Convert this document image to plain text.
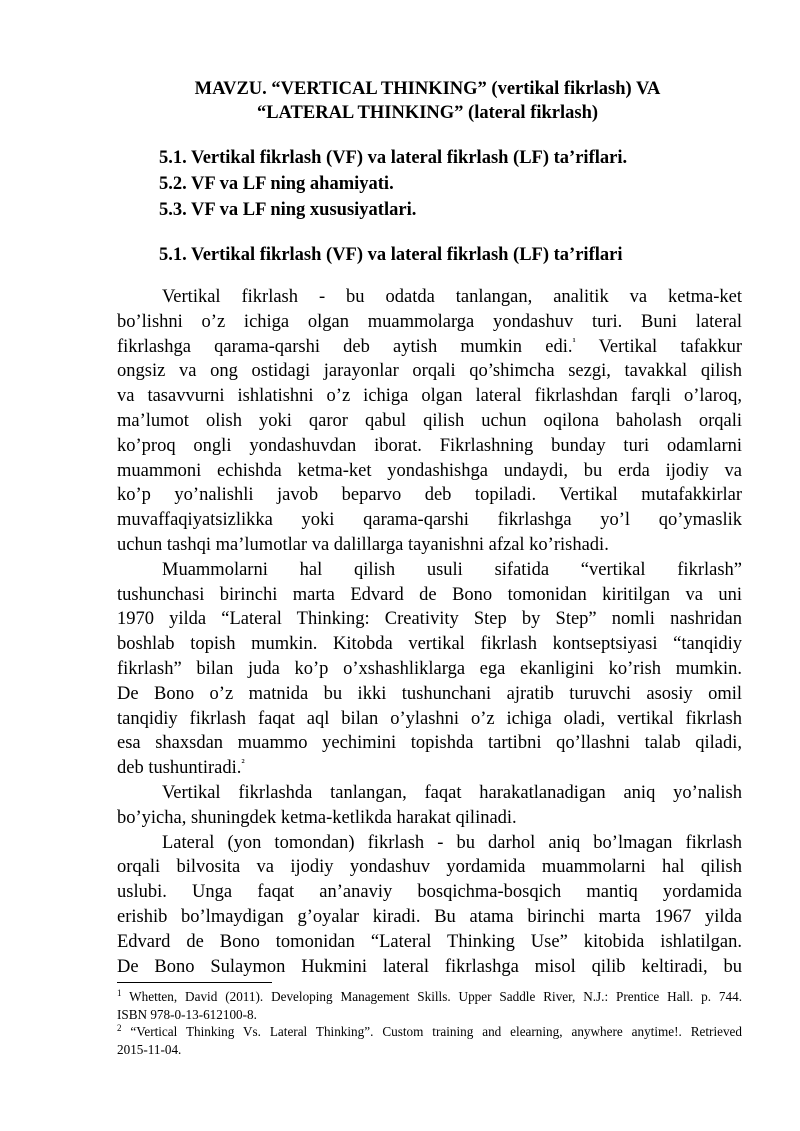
MAVZU. “VERTICAL THINKING” (vertikal fikrlash) VA
“LATERAL THINKING” (lateral fikrlash)
5.1. Vertikal fikrlash (VF) va lateral fikrlash (LF) ta’riflari.
5.2. VF va LF ning ahamiyati.
5.3. VF va LF ning xususiyatlari.
5.1. Vertikal fikrlash (VF) va lateral fikrlash (LF) ta’riflari

Vertikal fikrlash - bu odatda tanlangan, analitik va ketma-ket
bo’lishni o’z ichiga olgan muammolarga yondashuv turi. Buni lateral
fikrlashga qarama-qarshi deb aytish mumkin edi.$^{^1}$ Vertikal tafakkur
ongsiz va ong ostidagi jarayonlar orqali qo’shimcha sezgi, tavakkal qilish
va tasavvurni ishlatishni o’z ichiga olgan lateral fikrlashdan farqli o’laroq,
ma’lumot olish yoki qaror qabul qilish uchun oqilona baholash orqali
ko’proq ongli yondashuvdan iborat. Fikrlashning bunday turi odamlarni
muammoni echishda ketma-ket yondashishga undaydi, bu erda ijodiy va
ko’p yo’nalishli javob beparvo deb topiladi. Vertikal mutafakkirlar
muvaffaqiyatsizlikka yoki qarama-qarshi fikrlashga yo’l qo’ymaslik
uchun tashqi ma’lumotlar va dalillarga tayanishni afzal ko’rishadi.

Muammolarni hal qilish usuli sifatida “vertikal fikrlash”
tushunchasi birinchi marta Edvard de Bono tomonidan kiritilgan va uni
1970 yilda “Lateral Thinking: Creativity Step by Step” nomli nashridan
boshlab topish mumkin. Kitobda vertikal fikrlash kontseptsiyasi “tanqidiy
fikrlash” bilan juda ko’p o’xshashliklarga ega ekanligini ko’rish mumkin.
De Bono o’z matnida bu ikki tushunchani ajratib turuvchi asosiy omil
tanqidiy fikrlash faqat aql bilan o’ylashni o’z ichiga oladi, vertikal fikrlash
esa shaxsdan muammo yechimini topishda tartibni qo’llashni talab qiladi,
deb tushuntiradi.$^{^2}$

Vertikal fikrlashda tanlangan, faqat harakatlanadigan aniq yo’nalish
bo’yicha, shuningdek ketma-ketlikda harakat qilinadi.

Lateral (yon tomondan) fikrlash - bu darhol aniq bo’lmagan fikrlash
orqali bilvosita va ijodiy yondashuv yordamida muammolarni hal qilish
uslubi. Unga faqat an’anaviy bosqichma-bosqich mantiq yordamida
erishib bo’lmaydigan g’oyalar kiradi. Bu atama birinchi marta 1967 yilda
Edvard de Bono tomonidan “Lateral Thinking Use” kitobida ishlatilgan.
De Bono Sulaymon Hukmini lateral fikrlashga misol qilib keltiradi, bu

$^1$ Whetten, David (2011). Developing Management Skills. Upper Saddle River, N.J.: Prentice Hall. p. 744.
ISBN 978-0-13-612100-8.

$^2$ “Vertical Thinking Vs. Lateral Thinking”. Custom training and elearning, anywhere anytime!. Retrieved
2015-11-04.
